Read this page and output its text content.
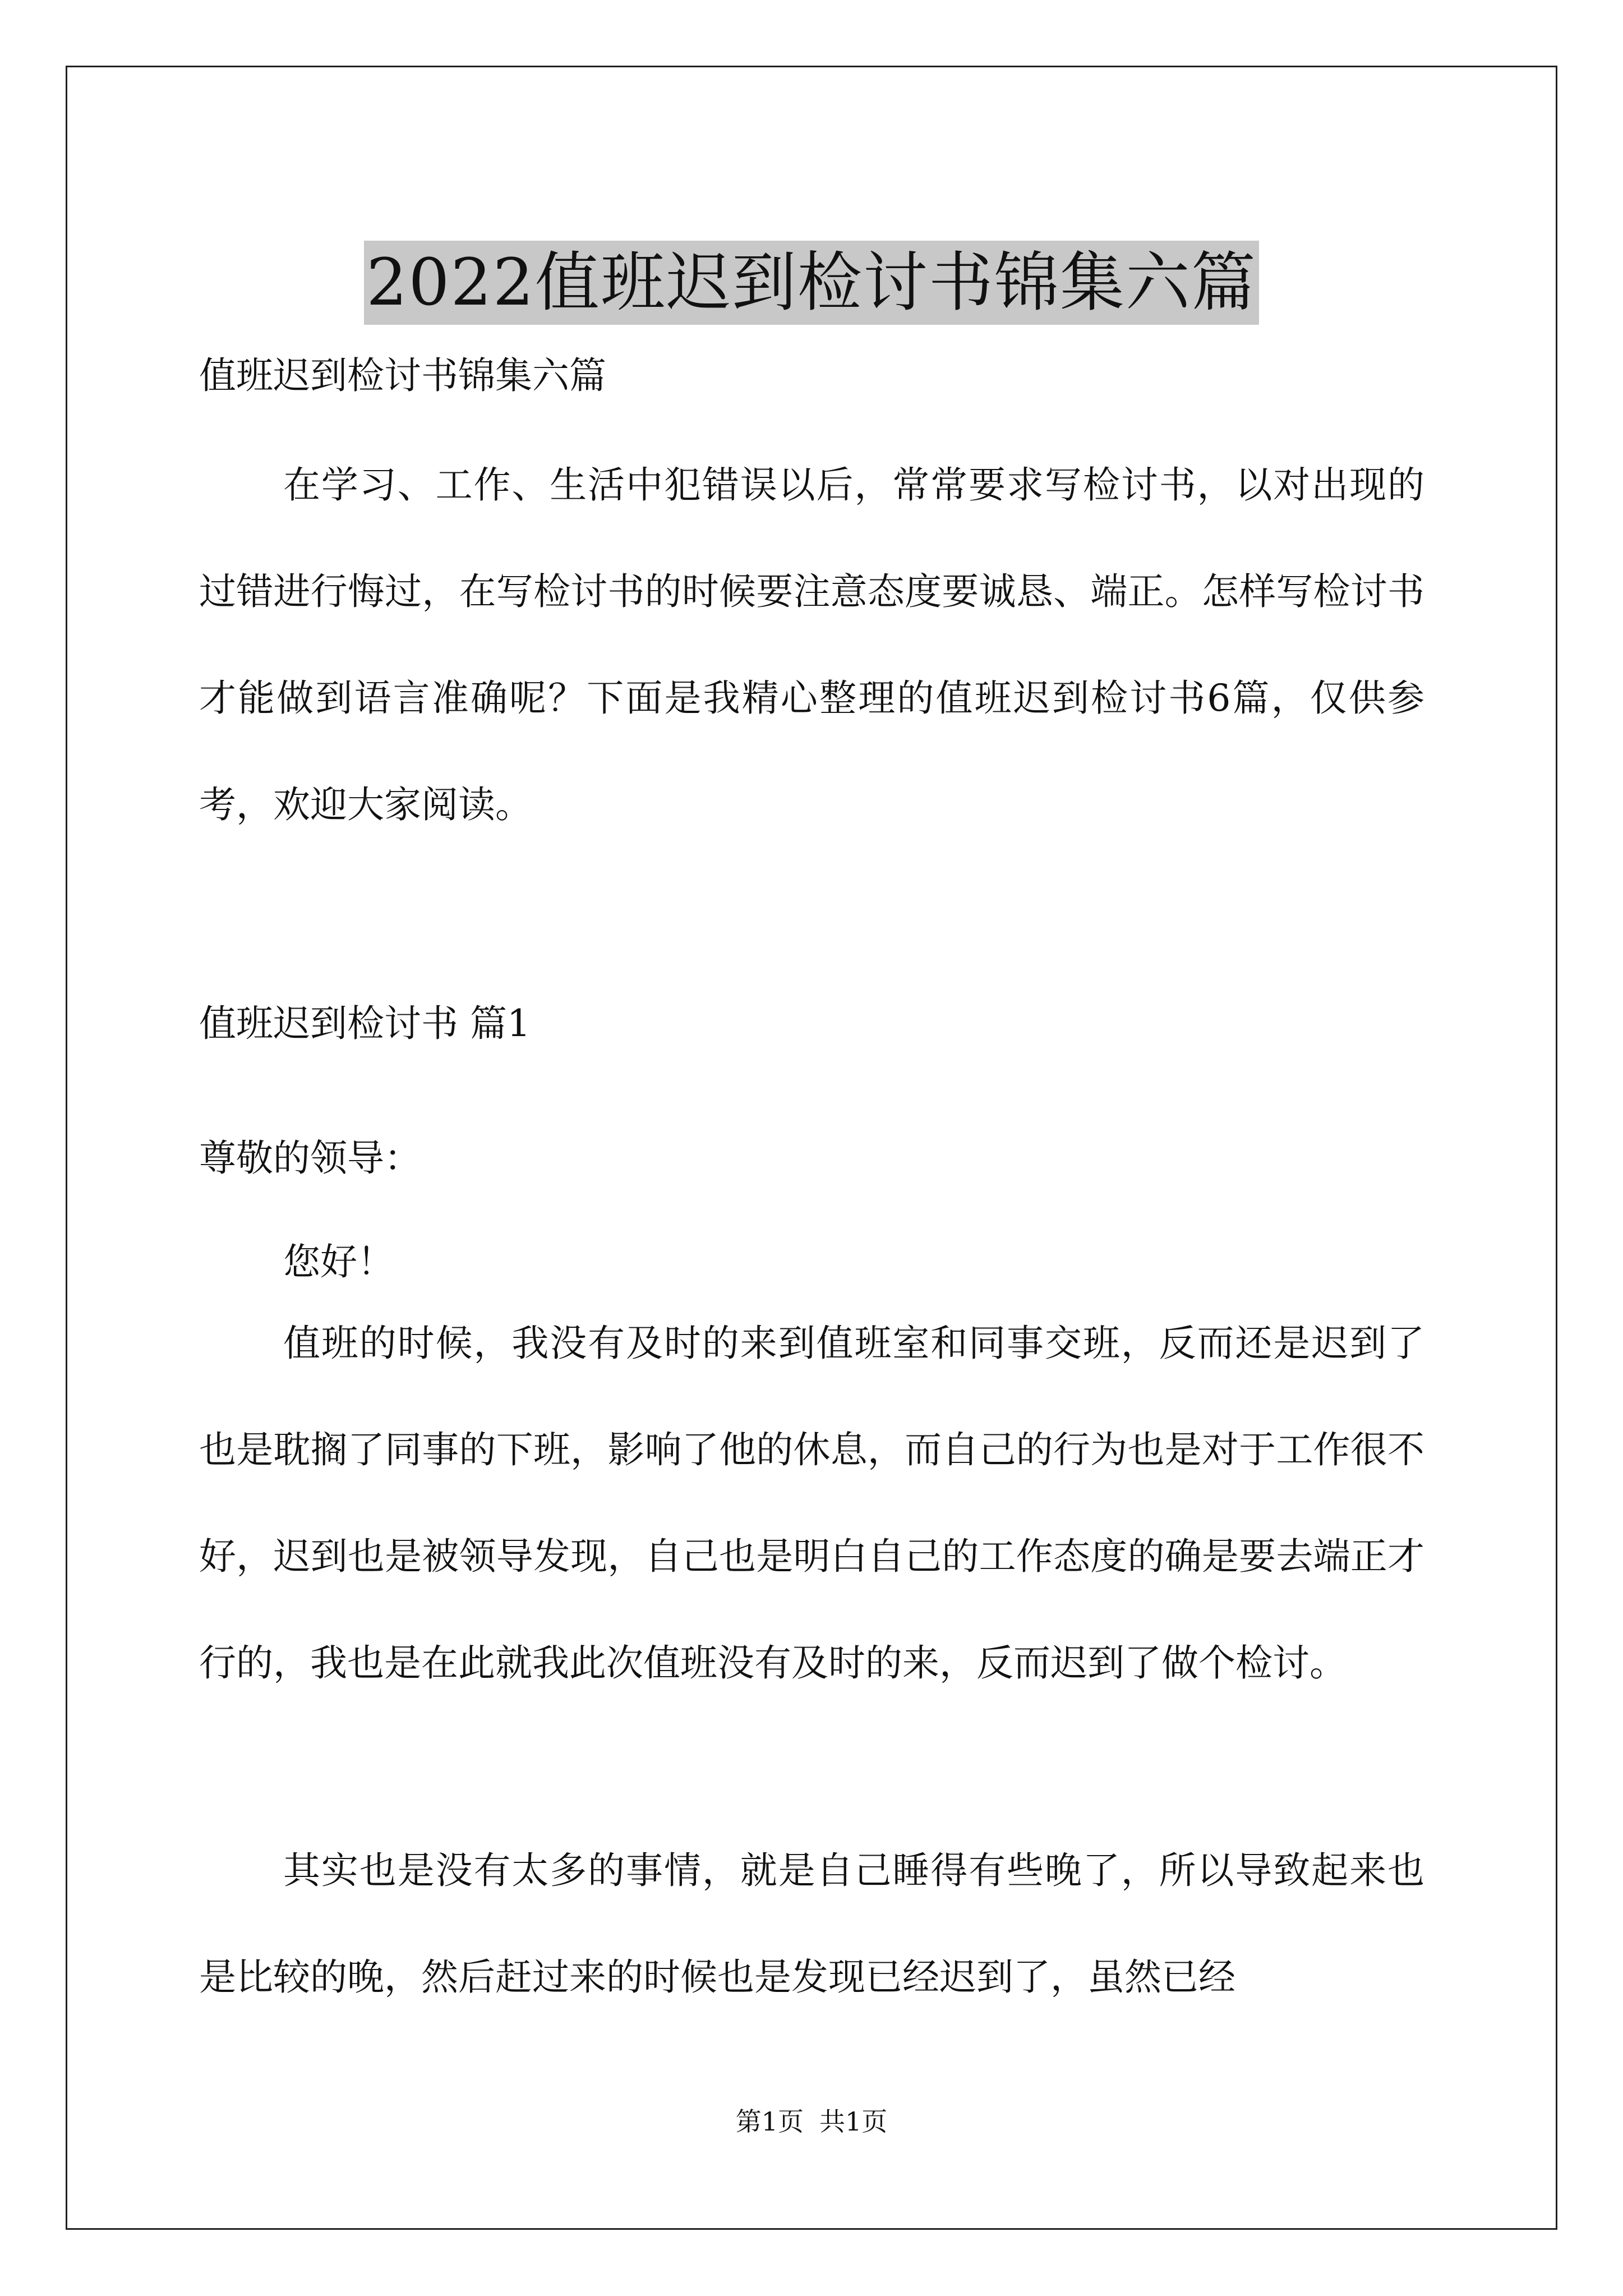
2022值班迟到检讨书锦集六篇

值班迟到检讨书锦集六篇

在学习、工作、生活中犯错误以后，常常要求写检讨书，以对出现的过错进行悔过，在写检讨书的时候要注意态度要诚恳、端正。怎样写检讨书才能做到语言准确呢？下面是我精心整理的值班迟到检讨书6篇，仅供参考，欢迎大家阅读。

值班迟到检讨书 篇1

尊敬的领导：

您好！

值班的时候，我没有及时的来到值班室和同事交班，反而还是迟到了也是耽搁了同事的下班，影响了他的休息，而自己的行为也是对于工作很不好，迟到也是被领导发现，自己也是明白自己的工作态度的确是要去端正才行的，我也是在此就我此次值班没有及时的来，反而迟到了做个检讨。

其实也是没有太多的事情，就是自己睡得有些晚了，所以导致起来也是比较的晚，然后赶过来的时候也是发现已经迟到了，虽然已经

第1页 共1页
